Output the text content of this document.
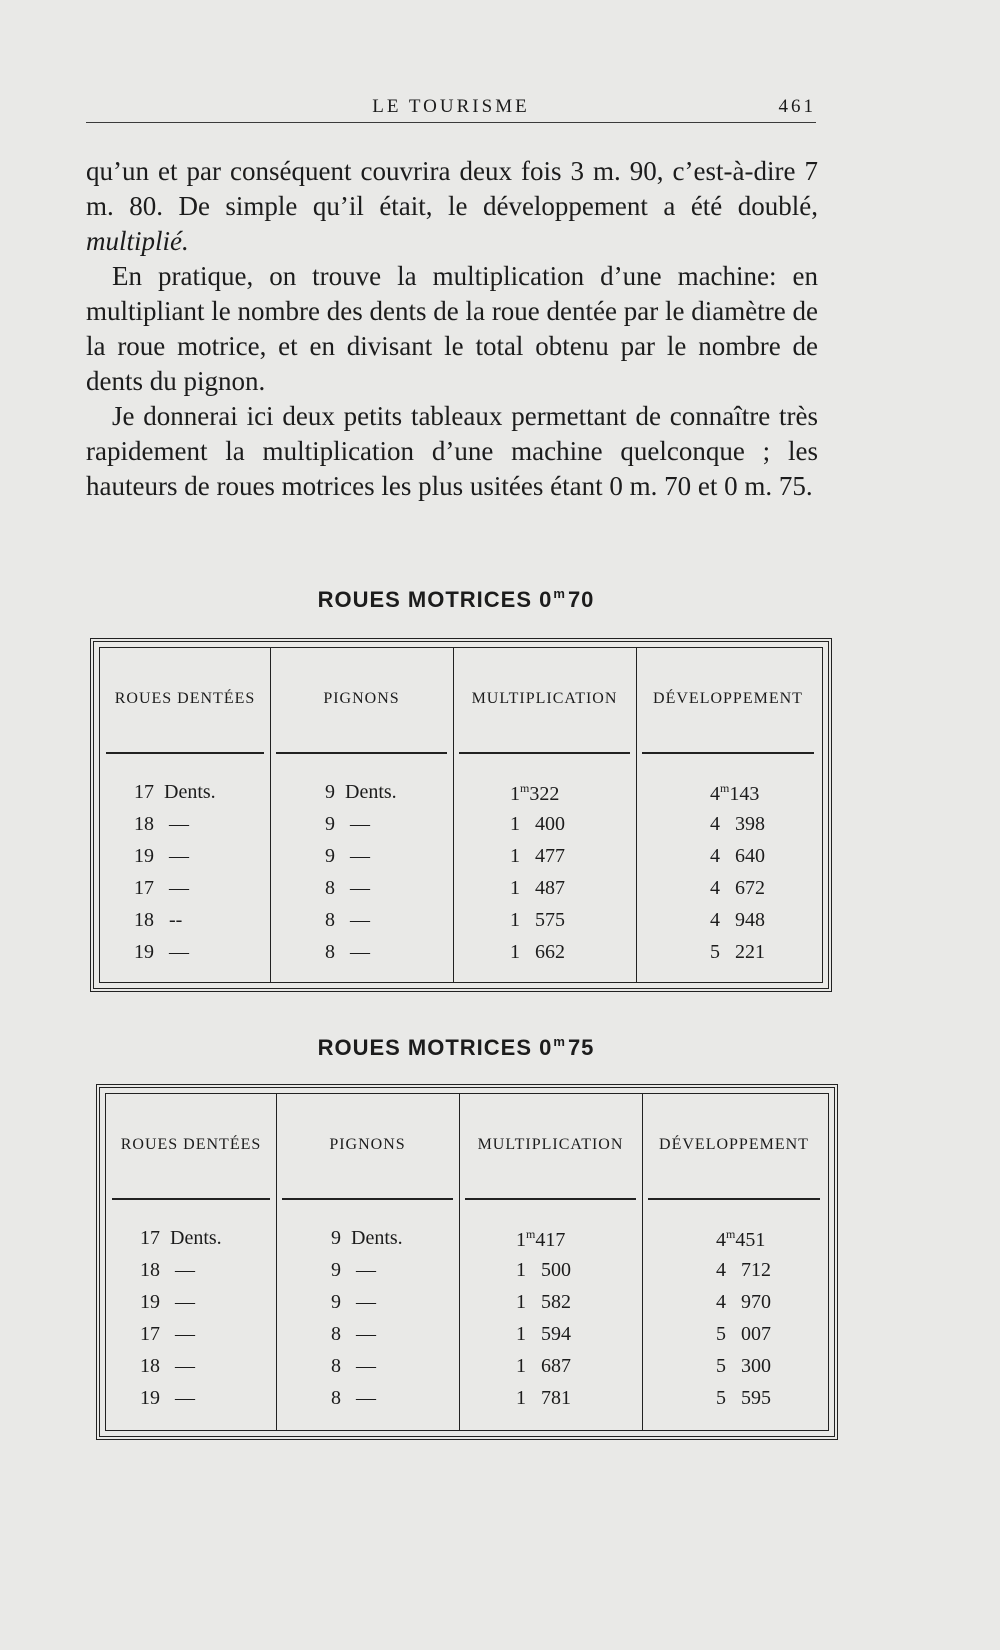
LE TOURISME	461

qu’un et par conséquent couvrira deux fois 3 m. 90, c’est-à-dire 7 m. 80. De simple qu’il était, le développement a été doublé, multiplié.

En pratique, on trouve la multiplication d’une machine: en multipliant le nombre des dents de la roue dentée par le diamètre de la roue motrice, et en divisant le total obtenu par le nombre de dents du pignon.

Je donnerai ici deux petits tableaux permettant de connaître très rapidement la multiplication d’une machine quelconque ; les hauteurs de roues motrices les plus usitées étant 0 m. 70 et 0 m. 75.

ROUES MOTRICES 0$^m$70
ROUES DENTÉES	PIGNONS	MULTIPLICATION	DÉVELOPPEMENT
17  Dents.	9  Dents.	1$^m$322	4$^m$143
18   —	9   —	1 400	4 398
19   —	9   —	1 477	4 640
17   —	8   —	1 487	4 672
18   --	8   —	1 575	4 948
19   —	8   —	1 662	5 221
ROUES MOTRICES 0$^m$75
ROUES DENTÉES	PIGNONS	MULTIPLICATION	DÉVELOPPEMENT
17  Dents.	9  Dents.	1$^m$417	4$^m$451
18   —	9   —	1 500	4 712
19   —	9   —	1 582	4 970
17   —	8   —	1 594	5 007
18   —	8   —	1 687	5 300
19   —	8   —	1 781	5 595
